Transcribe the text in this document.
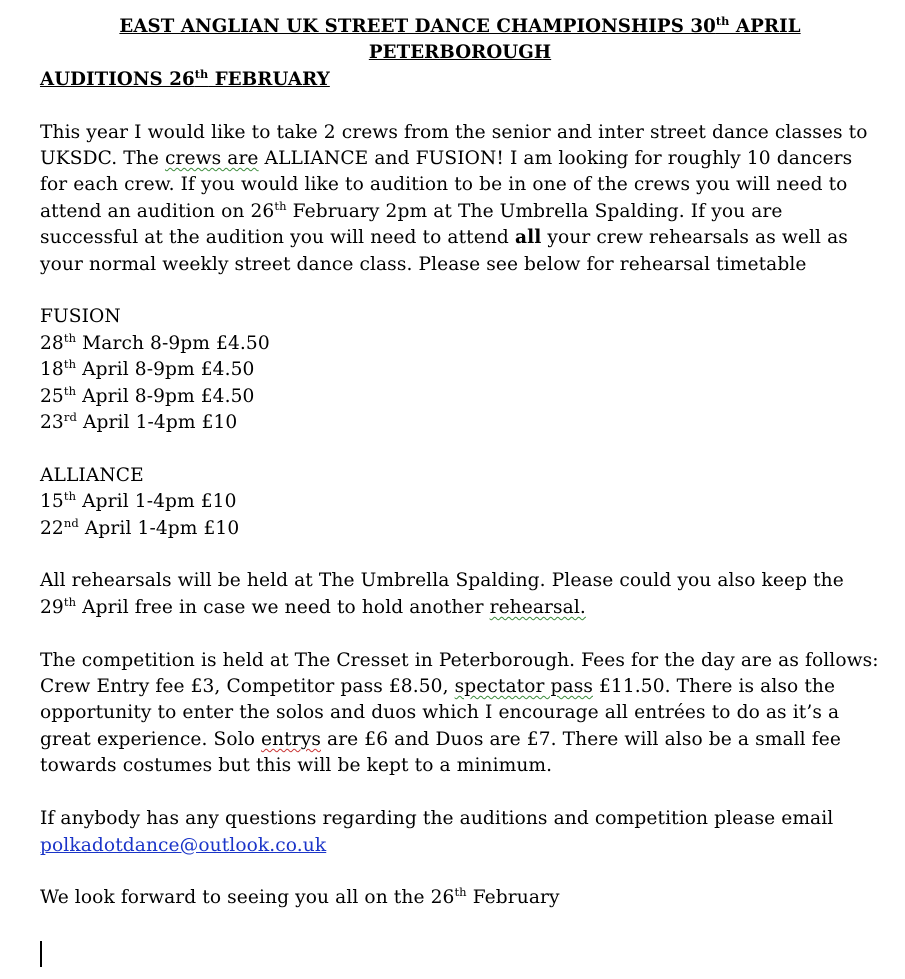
EAST ANGLIAN UK STREET DANCE CHAMPIONSHIPS 30th APRIL
PETERBOROUGH
AUDITIONS 26th FEBRUARY

This year I would like to take 2 crews from the senior and inter street dance classes to UKSDC. The crews are ALLIANCE and FUSION! I am looking for roughly 10 dancers for each crew. If you would like to audition to be in one of the crews you will need to attend an audition on 26th February 2pm at The Umbrella Spalding. If you are successful at the audition you will need to attend all your crew rehearsals as well as your normal weekly street dance class. Please see below for rehearsal timetable

FUSION
28th March 8-9pm £4.50
18th April 8-9pm £4.50
25th April 8-9pm £4.50
23rd April 1-4pm £10
ALLIANCE
15th April 1-4pm £10
22nd April 1-4pm £10

All rehearsals will be held at The Umbrella Spalding. Please could you also keep the 29th April free in case we need to hold another rehearsal.

The competition is held at The Cresset in Peterborough. Fees for the day are as follows: Crew Entry fee £3, Competitor pass £8.50, spectator pass £11.50. There is also the opportunity to enter the solos and duos which I encourage all entrées to do as it’s a great experience. Solo entrys are £6 and Duos are £7. There will also be a small fee towards costumes but this will be kept to a minimum.

If anybody has any questions regarding the auditions and competition please email polkadotdance@outlook.co.uk

We look forward to seeing you all on the 26th February
